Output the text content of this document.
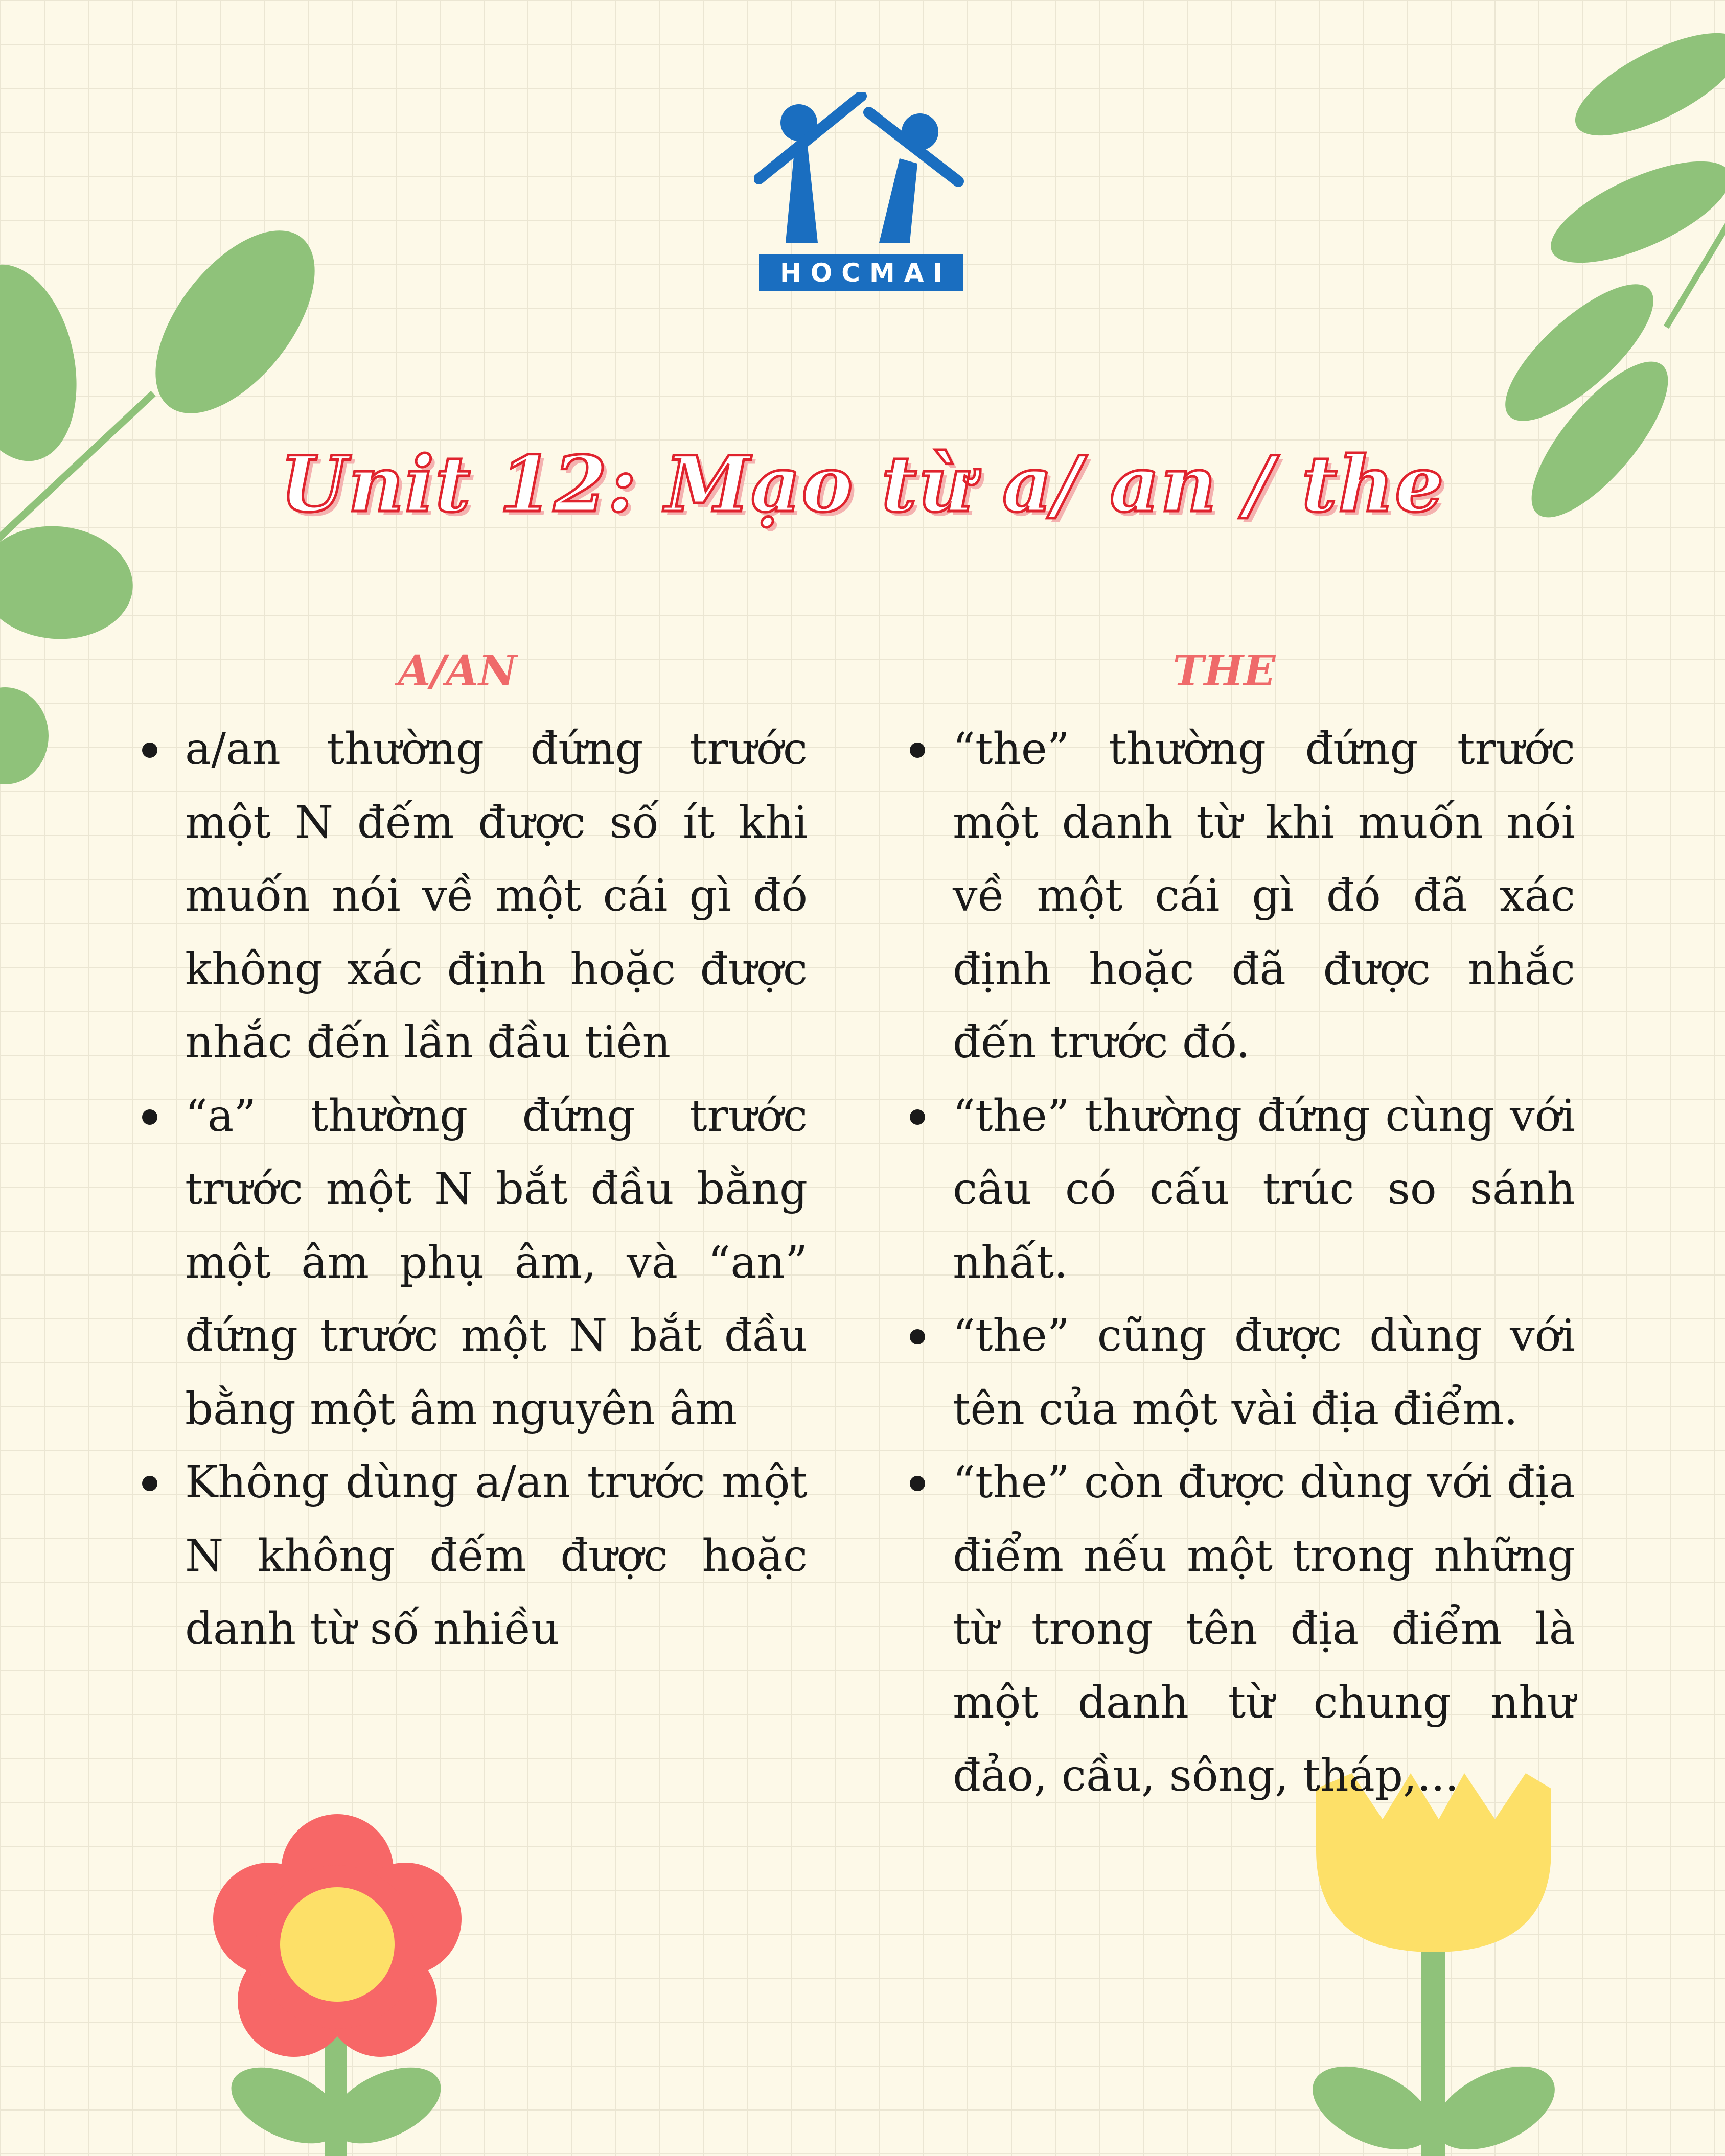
HOCMAI
Unit 12: Mạo từ a/ an / the
A/AN	THE
a/an thường đứng trước một N đếm được số ít khi muốn nói về một cái gì đó không xác định hoặc được nhắc đến lần đầu tiên
“a” thường đứng trước trước một N bắt đầu bằng một âm phụ âm, và “an” đứng trước một N bắt đầu bằng một âm nguyên âm
Không dùng a/an trước một N không đếm được hoặc danh từ số nhiều
“the” thường đứng trước một danh từ khi muốn nói về một cái gì đó đã xác định hoặc đã được nhắc đến trước đó.
“the” thường đứng cùng với câu có cấu trúc so sánh nhất.
“the” cũng được dùng với tên của một vài địa điểm.
“the” còn được dùng với địa điểm nếu một trong những từ trong tên địa điểm là một danh từ chung như đảo, cầu, sông, tháp,...
